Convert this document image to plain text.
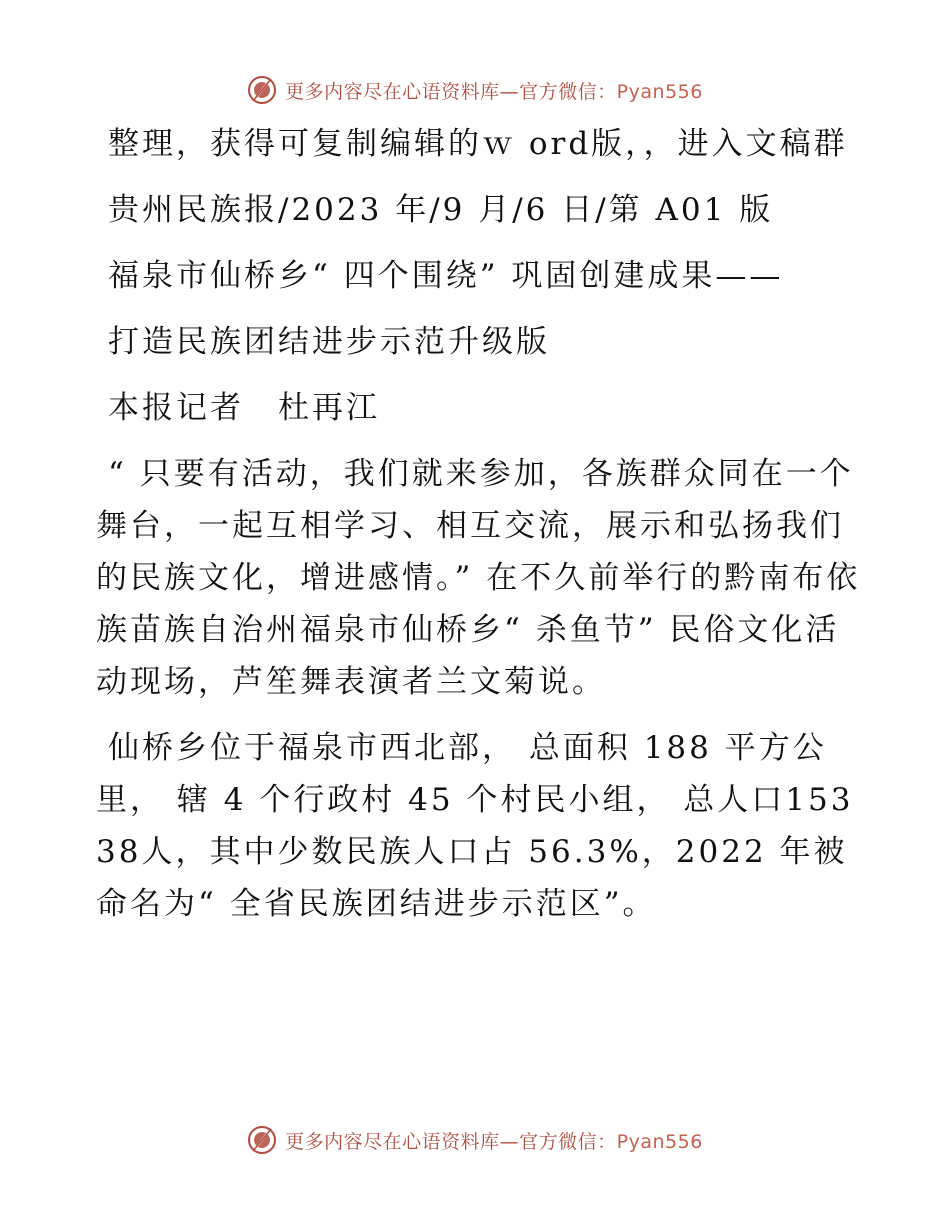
更多内容尽在心语资料库—官方微信：Pyan556

整理，获得可复制编辑的ｗ ord版，，进入文稿群

贵州民族报/2023 年/9 月/6 日/第 A01 版

福泉市仙桥乡“ 四个围绕” 巩固创建成果——

打造民族团结进步示范升级版

本报记者　杜再江

“ 只要有活动，我们就来参加，各族群众同在一个舞台，一起互相学习、相互交流，展示和弘扬我们的民族文化，增进感情。” 在不久前举行的黔南布依族苗族自治州福泉市仙桥乡“ 杀鱼节” 民俗文化活动现场，芦笙舞表演者兰文菊说。

仙桥乡位于福泉市西北部， 总面积 188 平方公里， 辖 4 个行政村 45 个村民小组， 总人口15338人，其中少数民族人口占 56.3%，2022 年被命名为“ 全省民族团结进步示范区”。

更多内容尽在心语资料库—官方微信：Pyan556
